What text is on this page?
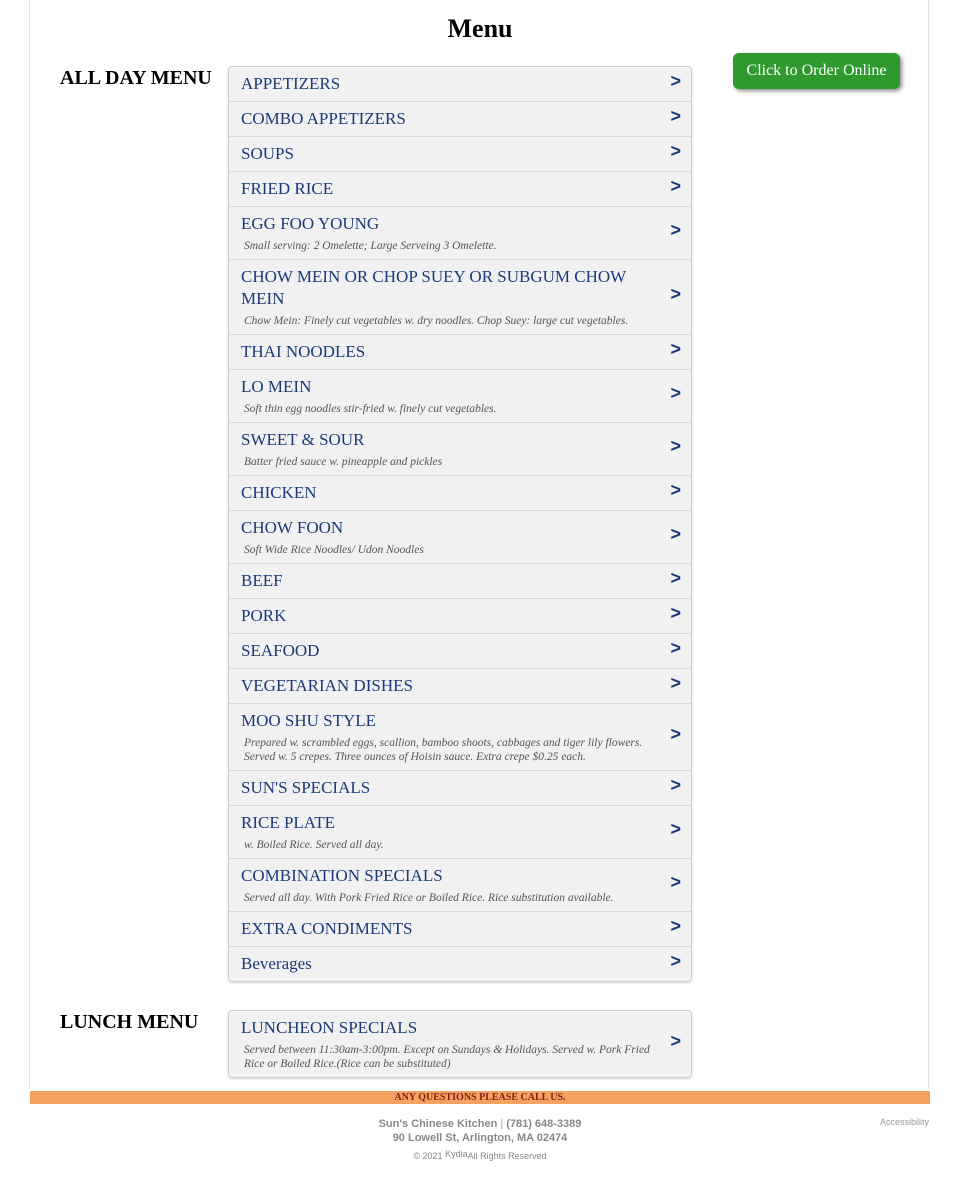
Menu
Click to Order Online
ALL DAY MENU APPETIZERS	>
COMBO APPETIZERS	>
SOUPS	>
FRIED RICE	>
EGG FOO YOUNG
Small serving: 2 Omelette; Large Serveing 3 Omelette.
>
CHOW MEIN OR CHOP SUEY OR SUBGUM CHOW MEIN
Chow Mein: Finely cut vegetables w. dry noodles. Chop Suey: large cut vegetables.
>
THAI NOODLES	>
LO MEIN
Soft thin egg noodles stir-fried w. finely cut vegetables.
>
SWEET & SOUR
Batter fried sauce w. pineapple and pickles
>
CHICKEN	>
CHOW FOON
Soft Wide Rice Noodles/ Udon Noodles
>
BEEF	>
PORK	>
SEAFOOD	>
VEGETARIAN DISHES	>
MOO SHU STYLE
Prepared w. scrambled eggs, scallion, bamboo shoots, cabbages and tiger lily flowers. Served w. 5 crepes. Three ounces of Hoisin sauce. Extra crepe $0.25 each.
>
SUN'S SPECIALS	>
RICE PLATE
w. Boiled Rice. Served all day.
>
COMBINATION SPECIALS
Served all day. With Pork Fried Rice or Boiled Rice. Rice substitution available.
>
EXTRA CONDIMENTS	>
Beverages	>
LUNCH MENU	LUNCHEON SPECIALS
Served between 11:30am-3:00pm. Except on Sundays & Holidays. Served w. Pork Fried Rice or Boiled Rice.(Rice can be substituted)
>
ANY QUESTIONS PLEASE CALL US.
Sun's Chinese Kitchen | (781) 648-3389
90 Lowell St, Arlington, MA 02474
© 2021 KydiaAll Rights Reserved
Accessibility
